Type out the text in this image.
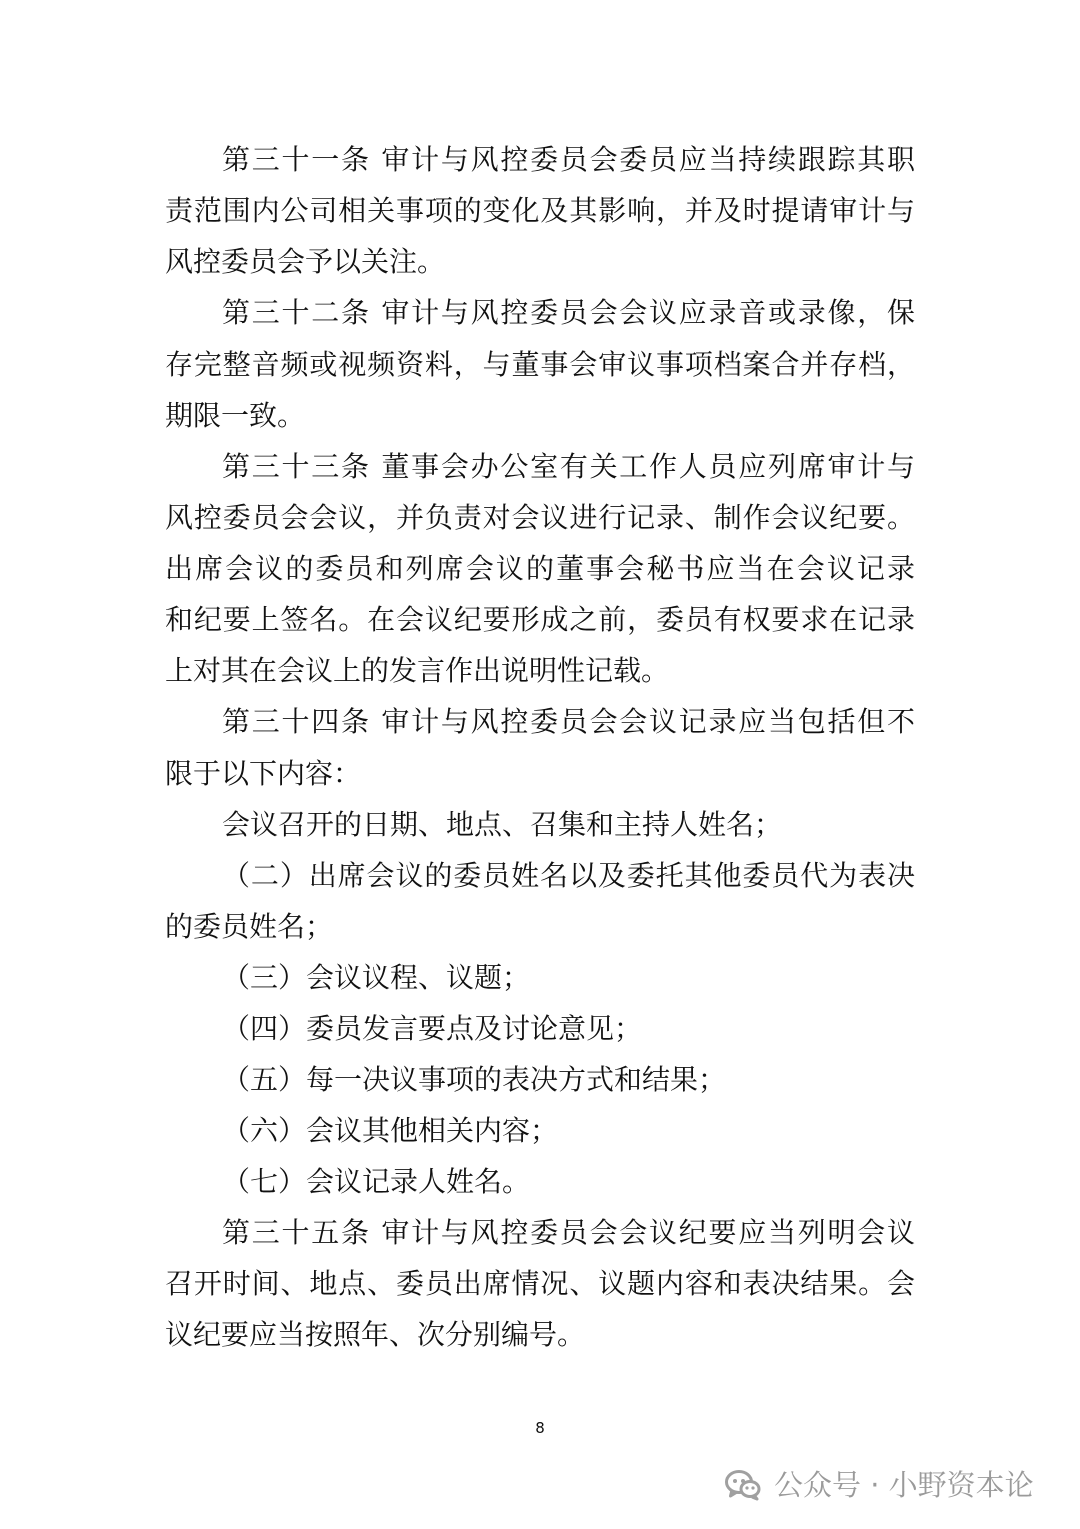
第三十一条 审计与风控委员会委员应当持续跟踪其职
责范围内公司相关事项的变化及其影响，并及时提请审计与
风控委员会予以关注。
第三十二条 审计与风控委员会会议应录音或录像，保
存完整音频或视频资料，与董事会审议事项档案合并存档，
期限一致。
第三十三条 董事会办公室有关工作人员应列席审计与
风控委员会会议，并负责对会议进行记录、制作会议纪要。
出席会议的委员和列席会议的董事会秘书应当在会议记录
和纪要上签名。在会议纪要形成之前，委员有权要求在记录
上对其在会议上的发言作出说明性记载。
第三十四条 审计与风控委员会会议记录应当包括但不
限于以下内容：
会议召开的日期、地点、召集和主持人姓名；
（二）出席会议的委员姓名以及委托其他委员代为表决
的委员姓名；
（三）会议议程、议题；
（四）委员发言要点及讨论意见；
（五）每一决议事项的表决方式和结果；
（六）会议其他相关内容；
（七）会议记录人姓名。
第三十五条 审计与风控委员会会议纪要应当列明会议
召开时间、地点、委员出席情况、议题内容和表决结果。会
议纪要应当按照年、次分别编号。
8
公众号 · 小野资本论
